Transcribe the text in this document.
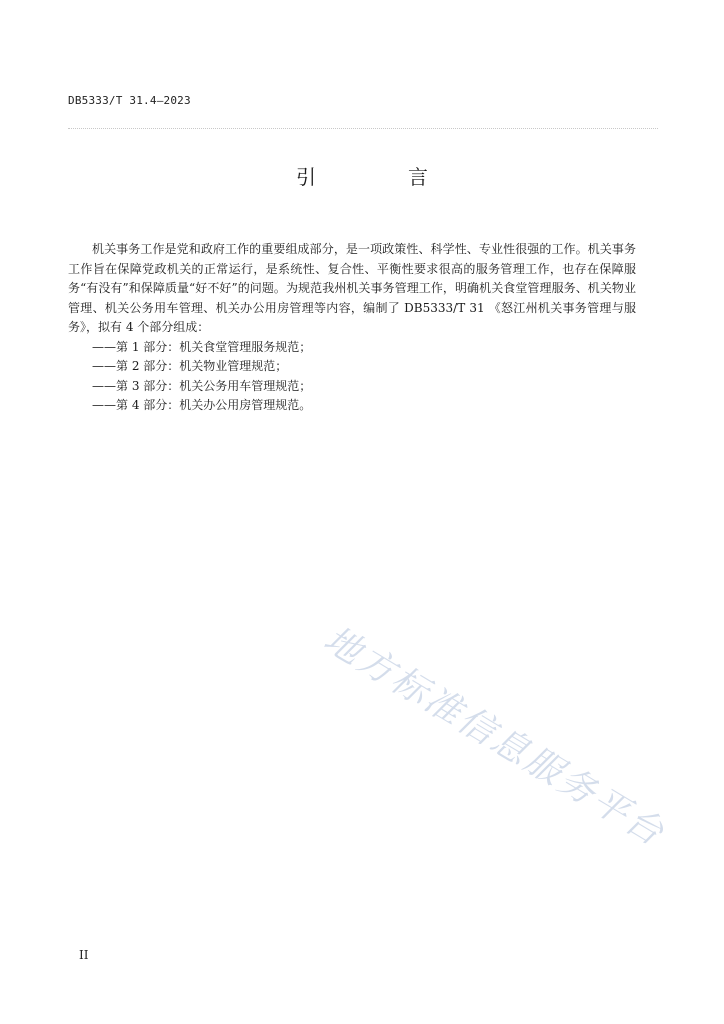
DB5333/T 31.4—2023
引　言

机关事务工作是党和政府工作的重要组成部分，是一项政策性、科学性、专业性很强的工作。机关事务工作旨在保障党政机关的正常运行，是系统性、复合性、平衡性要求很高的服务管理工作，也存在保障服务“有没有”和保障质量“好不好”的问题。为规范我州机关事务管理工作，明确机关食堂管理服务、机关物业管理、机关公务用车管理、机关办公用房管理等内容，编制了 DB5333/T 31 《怒江州机关事务管理与服务》，拟有 4 个部分组成：

——第 1 部分：机关食堂管理服务规范；
——第 2 部分：机关物业管理规范；
——第 3 部分：机关公务用车管理规范；
——第 4 部分：机关办公用房管理规范。
地方标准信息服务平台
II
